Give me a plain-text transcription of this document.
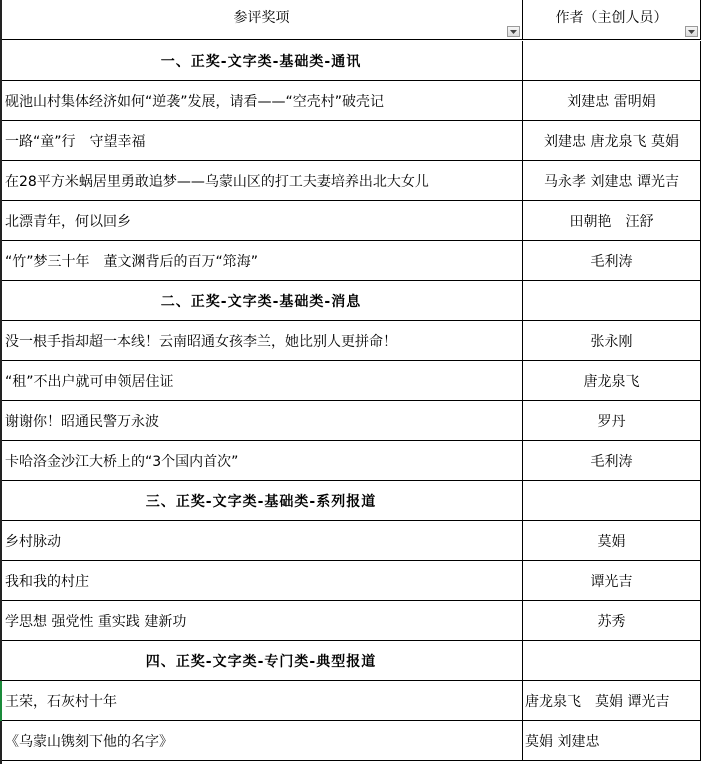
参评奖项	作者（主创人员）
一、正奖-文字类-基础类-通讯
砚池山村集体经济如何“逆袭”发展，请看——“空壳村”破壳记	刘建忠 雷明娟
一路“童”行　守望幸福	刘建忠 唐龙泉飞 莫娟
在28平方米蜗居里勇敢追梦——乌蒙山区的打工夫妻培养出北大女儿	马永孝 刘建忠 谭光吉
北漂青年，何以回乡	田朝艳　汪舒
“竹”梦三十年　董文渊背后的百万“筇海”	毛利涛
二、正奖-文字类-基础类-消息
没一根手指却超一本线！云南昭通女孩李兰，她比别人更拼命！	张永刚
“租”不出户就可申领居住证	唐龙泉飞
谢谢你！昭通民警万永波	罗丹
卡哈洛金沙江大桥上的“3个国内首次”	毛利涛
三、正奖-文字类-基础类-系列报道
乡村脉动	莫娟
我和我的村庄	谭光吉
学思想 强党性 重实践 建新功	苏秀
四、正奖-文字类-专门类-典型报道
王荣，石灰村十年	唐龙泉飞　莫娟 谭光吉
《乌蒙山镌刻下他的名字》	莫娟 刘建忠
